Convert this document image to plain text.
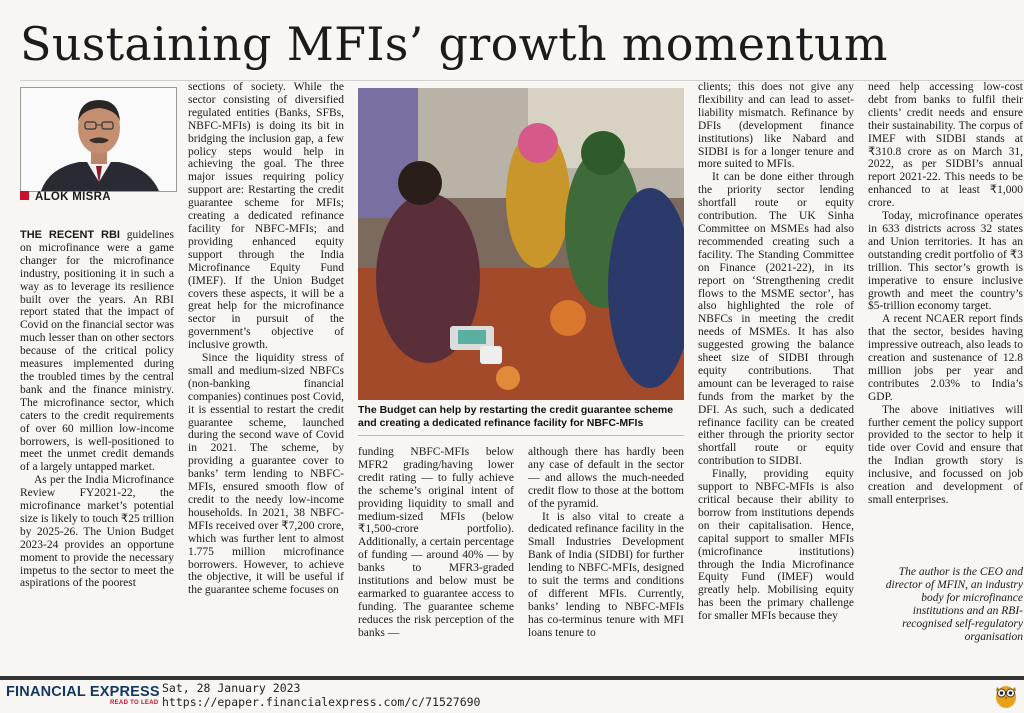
Sustaining MFIs’ growth momentum
ALOK MISRA

THE RECENT RBI guidelines on microfinance were a game changer for the microfinance industry, positioning it in such a way as to leverage its resilience built over the years. An RBI report stated that the impact of Covid on the financial sector was much lesser than on other sectors because of the critical policy measures implemented during the troubled times by the central bank and the finance ministry. The microfinance sector, which caters to the credit requirements of over 60 million low-income borrowers, is well-positioned to meet the unmet credit demands of a largely untapped market.

As per the India Microfinance Review FY2021-22, the microfinance market’s potential size is likely to touch ₹25 trillion by 2025-26. The Union Budget 2023-24 provides an opportune moment to provide the necessary impetus to the sector to meet the aspirations of the poorest

sections of society. While the sector consisting of diversified regulated entities (Banks, SFBs, NBFC-MFIs) is doing its bit in bridging the inclusion gap, a few policy steps would help in achieving the goal. The three major issues requiring policy support are: Restarting the credit guarantee scheme for MFIs; creating a dedicated refinance facility for NBFC-MFIs; and providing enhanced equity support through the India Microfinance Equity Fund (IMEF). If the Union Budget covers these aspects, it will be a great help for the microfinance sector in pursuit of the government’s objective of inclusive growth.

Since the liquidity stress of small and medium-sized NBFCs (non-banking financial companies) continues post Covid, it is essential to restart the credit guarantee scheme, launched during the second wave of Covid in 2021. The scheme, by providing a guarantee cover to banks’ term lending to NBFC-MFIs, ensured smooth flow of credit to the needy low-income households. In 2021, 38 NBFC-MFIs received over ₹7,200 crore, which was further lent to almost 1.775 million microfinance borrowers. However, to achieve the objective, it will be useful if the guarantee scheme focuses on

The Budget can help by restarting the credit guarantee scheme and creating a dedicated refinance facility for NBFC-MFIs

funding NBFC-MFIs below MFR2 grading/having lower credit rating — to fully achieve the scheme’s original intent of providing liquidity to small and medium-sized MFIs (below ₹1,500-crore portfolio). Additionally, a certain percentage of funding — around 40% — by banks to MFR3-graded institutions and below must be earmarked to guarantee access to funding. The guarantee scheme reduces the risk perception of the banks —

although there has hardly been any case of default in the sector — and allows the much-needed credit flow to those at the bottom of the pyramid.

It is also vital to create a dedicated refinance facility in the Small Industries Development Bank of India (SIDBI) for further lending to NBFC-MFIs, designed to suit the terms and conditions of different MFIs. Currently, banks’ lending to NBFC-MFIs has co-terminus tenure with MFI loans tenure to

clients; this does not give any flexibility and can lead to asset-liability mismatch. Refinance by DFIs (development finance institutions) like Nabard and SIDBI is for a longer tenure and more suited to MFIs.

It can be done either through the priority sector lending shortfall route or equity contribution. The UK Sinha Committee on MSMEs had also recommended creating such a facility. The Standing Committee on Finance (2021-22), in its report on ‘Strengthening credit flows to the MSME sector’, has also highlighted the role of NBFCs in meeting the credit needs of MSMEs. It has also suggested growing the balance sheet size of SIDBI through equity contributions. That amount can be leveraged to raise funds from the market by the DFI. As such, such a dedicated refinance facility can be created either through the priority sector shortfall route or equity contribution to SIDBI.

Finally, providing equity support to NBFC-MFIs is also critical because their ability to borrow from institutions depends on their capitalisation. Hence, capital support to smaller MFIs (microfinance institutions) through the India Microfinance Equity Fund (IMEF) would greatly help. Mobilising equity has been the primary challenge for smaller MFIs because they

need help accessing low-cost debt from banks to fulfil their clients’ credit needs and ensure their sustainability. The corpus of IMEF with SIDBI stands at ₹310.8 crore as on March 31, 2022, as per SIDBI’s annual report 2021-22. This needs to be enhanced to at least ₹1,000 crore.

Today, microfinance operates in 633 districts across 32 states and Union territories. It has an outstanding credit portfolio of ₹3 trillion. This sector’s growth is imperative to ensure inclusive growth and meet the country’s $5-trillion economy target.

A recent NCAER report finds that the sector, besides having impressive outreach, also leads to creation and sustenance of 12.8 million jobs per year and contributes 2.03% to India’s GDP.

The above initiatives will further cement the policy support provided to the sector to help it tide over Covid and ensure that the Indian growth story is inclusive, and focussed on job creation and development of small enterprises.

The author is the CEO and director of MFIN, an industry body for microfinance institutions and an RBI-recognised self-regulatory organisation
FINANCIAL EXPRESS
READ TO LEAD
Sat, 28 January 2023
https://epaper.financialexpress.com/c/71527690
